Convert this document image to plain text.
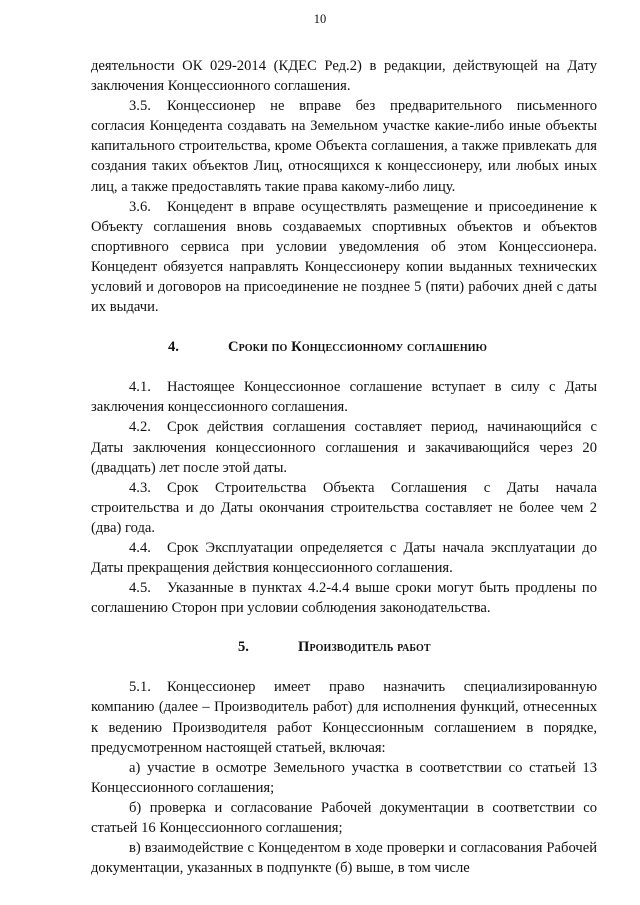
10

деятельности ОК 029-2014 (КДЕС Ред.2) в редакции, действующей на Дату заключения Концессионного соглашения.

3.5. Концессионер не вправе без предварительного письменного согласия Концедента создавать на Земельном участке какие-либо иные объекты капитального строительства, кроме Объекта соглашения, а также привлекать для создания таких объектов Лиц, относящихся к концессионеру, или любых иных лиц, а также предоставлять такие права какому-либо лицу.

3.6. Концедент в вправе осуществлять размещение и присоединение к Объекту соглашения вновь создаваемых спортивных объектов и объектов спортивного сервиса при условии уведомления об этом Концессионера. Концедент обязуется направлять Концессионеру копии выданных технических условий и договоров на присоединение не позднее 5 (пяти) рабочих дней с даты их выдачи.

4.	Сроки по Концессионному соглашению

4.1. Настоящее Концессионное соглашение вступает в силу с Даты заключения концессионного соглашения.

4.2. Срок действия соглашения составляет период, начинающийся с Даты заключения концессионного соглашения и закачивающийся через 20 (двадцать) лет после этой даты.

4.3. Срок Строительства Объекта Соглашения с Даты начала строительства и до Даты окончания строительства составляет не более чем 2 (два) года.

4.4. Срок Эксплуатации определяется с Даты начала эксплуатации до Даты прекращения действия концессионного соглашения.

4.5. Указанные в пунктах 4.2-4.4 выше сроки могут быть продлены по соглашению Сторон при условии соблюдения законодательства.

5.	Производитель работ

5.1. Концессионер имеет право назначить специализированную компанию (далее – Производитель работ) для исполнения функций, отнесенных к ведению Производителя работ Концессионным соглашением в порядке, предусмотренном настоящей статьей, включая:

а) участие в осмотре Земельного участка в соответствии со статьей 13 Концессионного соглашения;

б) проверка и согласование Рабочей документации в соответствии со статьей 16 Концессионного соглашения;

в) взаимодействие с Концедентом в ходе проверки и согласования Рабочей документации, указанных в подпункте (б) выше, в том числе
